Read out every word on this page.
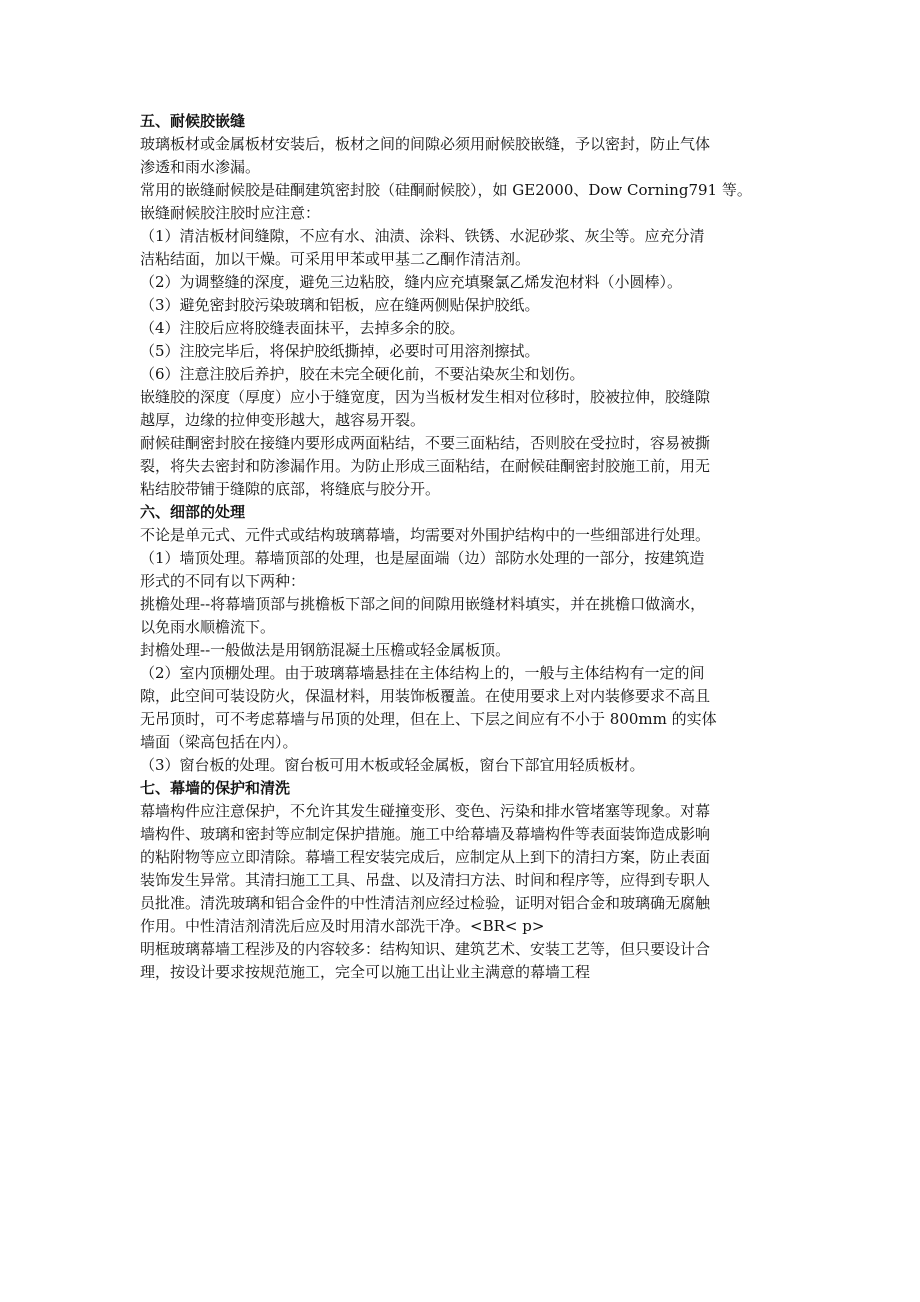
五、耐候胶嵌缝
玻璃板材或金属板材安装后，板材之间的间隙必须用耐候胶嵌缝，予以密封，防止气体
渗透和雨水渗漏。
常用的嵌缝耐候胶是硅酮建筑密封胶（硅酮耐候胶），如 GE2000、Dow Corning791 等。
嵌缝耐候胶注胶时应注意：
（1）清洁板材间缝隙，不应有水、油渍、涂料、铁锈、水泥砂浆、灰尘等。应充分清
洁粘结面，加以干燥。可采用甲苯或甲基二乙酮作清洁剂。
（2）为调整缝的深度，避免三边粘胶，缝内应充填聚氯乙烯发泡材料（小圆棒）。
（3）避免密封胶污染玻璃和铝板，应在缝两侧贴保护胶纸。
（4）注胶后应将胶缝表面抹平，去掉多余的胶。
（5）注胶完毕后，将保护胶纸撕掉，必要时可用溶剂擦拭。
（6）注意注胶后养护，胶在未完全硬化前，不要沾染灰尘和划伤。
嵌缝胶的深度（厚度）应小于缝宽度，因为当板材发生相对位移时，胶被拉伸，胶缝隙
越厚，边缘的拉伸变形越大，越容易开裂。
耐候硅酮密封胶在接缝内要形成两面粘结，不要三面粘结，否则胶在受拉时，容易被撕
裂，将失去密封和防渗漏作用。为防止形成三面粘结，在耐候硅酮密封胶施工前，用无
粘结胶带铺于缝隙的底部，将缝底与胶分开。
六、细部的处理
不论是单元式、元件式或结构玻璃幕墙，均需要对外围护结构中的一些细部进行处理。
（1）墙顶处理。幕墙顶部的处理，也是屋面端（边）部防水处理的一部分，按建筑造
形式的不同有以下两种：
挑檐处理--将幕墙顶部与挑檐板下部之间的间隙用嵌缝材料填实，并在挑檐口做滴水，
以免雨水顺檐流下。
封檐处理--一般做法是用钢筋混凝土压檐或轻金属板顶。
（2）室内顶棚处理。由于玻璃幕墙悬挂在主体结构上的，一般与主体结构有一定的间
隙，此空间可装设防火，保温材料，用装饰板覆盖。在使用要求上对内装修要求不高且
无吊顶时，可不考虑幕墙与吊顶的处理，但在上、下层之间应有不小于 800mm 的实体
墙面（梁高包括在内）。
（3）窗台板的处理。窗台板可用木板或轻金属板，窗台下部宜用轻质板材。
七、幕墙的保护和清洗
幕墙构件应注意保护，不允许其发生碰撞变形、变色、污染和排水管堵塞等现象。对幕
墙构件、玻璃和密封等应制定保护措施。施工中给幕墙及幕墙构件等表面装饰造成影响
的粘附物等应立即清除。幕墙工程安装完成后，应制定从上到下的清扫方案，防止表面
装饰发生异常。其清扫施工工具、吊盘、以及清扫方法、时间和程序等，应得到专职人
员批准。清洗玻璃和铝合金件的中性清洁剂应经过检验，证明对铝合金和玻璃确无腐触
作用。中性清洁剂清洗后应及时用清水部洗干净。<BR< p>
明框玻璃幕墙工程涉及的内容较多：结构知识、建筑艺术、安装工艺等，但只要设计合
理，按设计要求按规范施工，完全可以施工出让业主满意的幕墙工程
